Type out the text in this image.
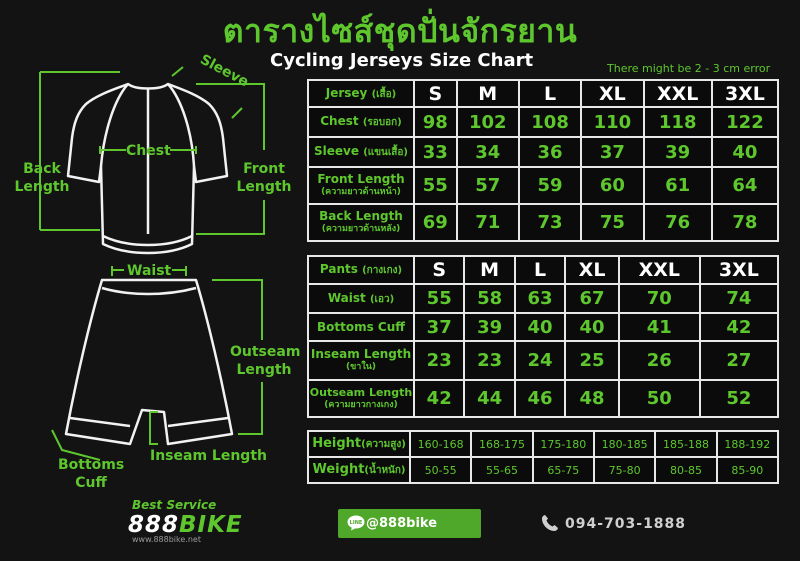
ตารางไซส์ชุดปั่นจักรยาน
Cycling Jerseys Size Chart	There might be 2 - 3 cm error
Sleeve
Chest
Back
Length
Front
Length
Waist
Outseam
Length
Inseam Length
Bottoms
Cuff
Jersey (เสื้อ)	S	M	L	XL	XXL	3XL
Chest (รอบอก)	98	102	108	110	118	122
Sleeve (แขนเสื้อ)	33	34	36	37	39	40
Front Length
(ความยาวด้านหน้า)	55	57	59	60	61	64
Back Length
(ความยาวด้านหลัง)	69	71	73	75	76	78
Pants (กางเกง)	S	M	L	XL	XXL	3XL
Waist (เอว)	55	58	63	67	70	74
Bottoms Cuff	37	39	40	40	41	42
Inseam Length
(ขาใน)	23	23	24	25	26	27
Outseam Length
(ความยาวกางเกง)	42	44	46	48	50	52
Height(ความสูง)	160-168	168-175	175-180	180-185	185-188	188-192
Weight(น้ำหนัก)	50-55	55-65	65-75	75-80	80-85	85-90
Best Service
888BIKE
www.888bike.net
LINE @888bike	094-703-1888
